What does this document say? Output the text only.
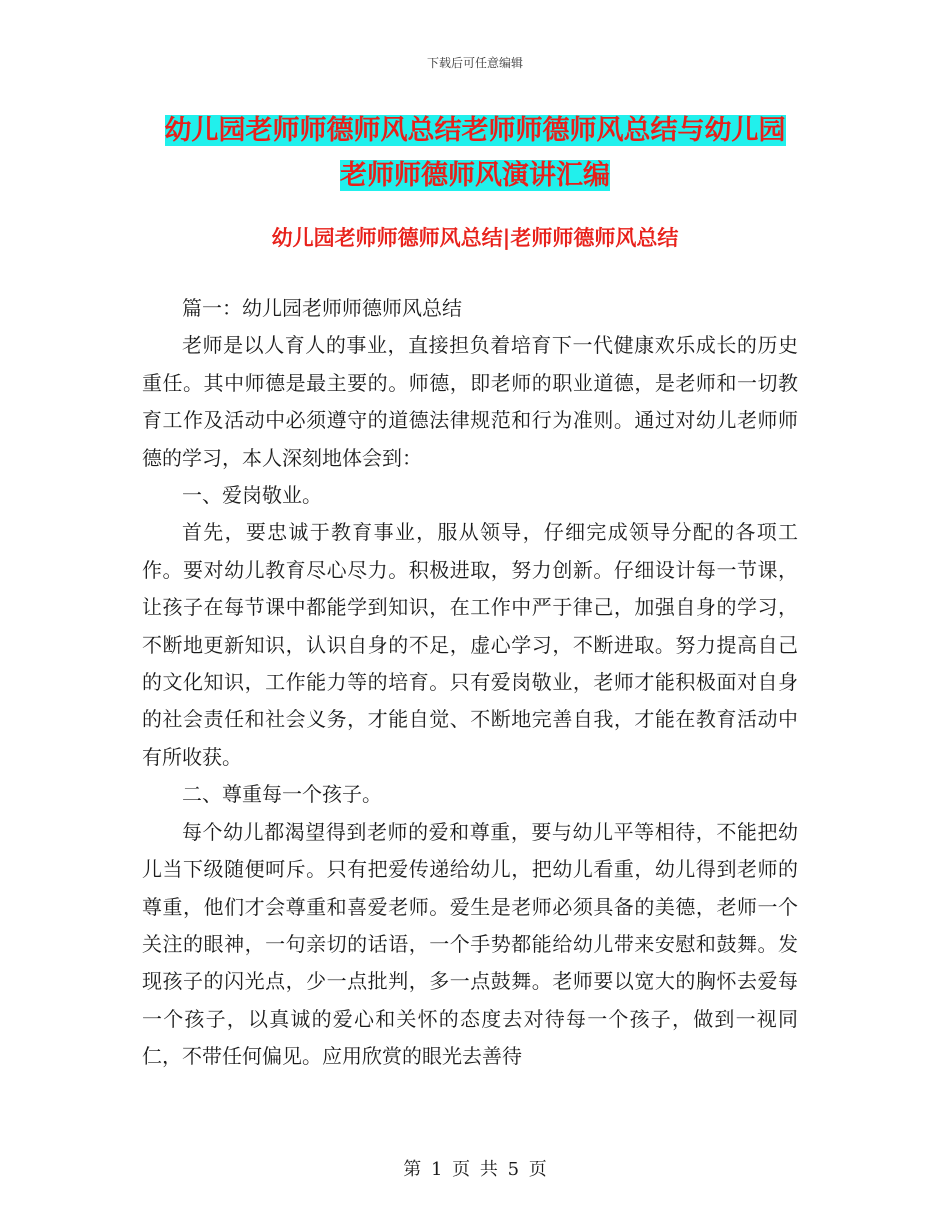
下载后可任意编辑
幼儿园老师师德师风总结老师师德师风总结与幼儿园
老师师德师风演讲汇编
幼儿园老师师德师风总结|老师师德师风总结

篇一：幼儿园老师师德师风总结

老师是以人育人的事业，直接担负着培育下一代健康欢乐成长的历史重任。其中师德是最主要的。师德，即老师的职业道德，是老师和一切教育工作及活动中必须遵守的道德法律规范和行为准则。通过对幼儿老师师德的学习，本人深刻地体会到：

一、爱岗敬业。

首先，要忠诚于教育事业，服从领导，仔细完成领导分配的各项工作。要对幼儿教育尽心尽力。积极进取，努力创新。仔细设计每一节课，让孩子在每节课中都能学到知识，在工作中严于律己，加强自身的学习，不断地更新知识，认识自身的不足，虚心学习，不断进取。努力提高自己的文化知识，工作能力等的培育。只有爱岗敬业，老师才能积极面对自身的社会责任和社会义务，才能自觉、不断地完善自我，才能在教育活动中有所收获。

二、尊重每一个孩子。

每个幼儿都渴望得到老师的爱和尊重，要与幼儿平等相待，不能把幼儿当下级随便呵斥。只有把爱传递给幼儿，把幼儿看重，幼儿得到老师的尊重，他们才会尊重和喜爱老师。爱生是老师必须具备的美德，老师一个关注的眼神，一句亲切的话语，一个手势都能给幼儿带来安慰和鼓舞。发现孩子的闪光点，少一点批判，多一点鼓舞。老师要以宽大的胸怀去爱每一个孩子，以真诚的爱心和关怀的态度去对待每一个孩子，做到一视同仁，不带任何偏见。应用欣赏的眼光去善待

第 1 页 共 5 页
